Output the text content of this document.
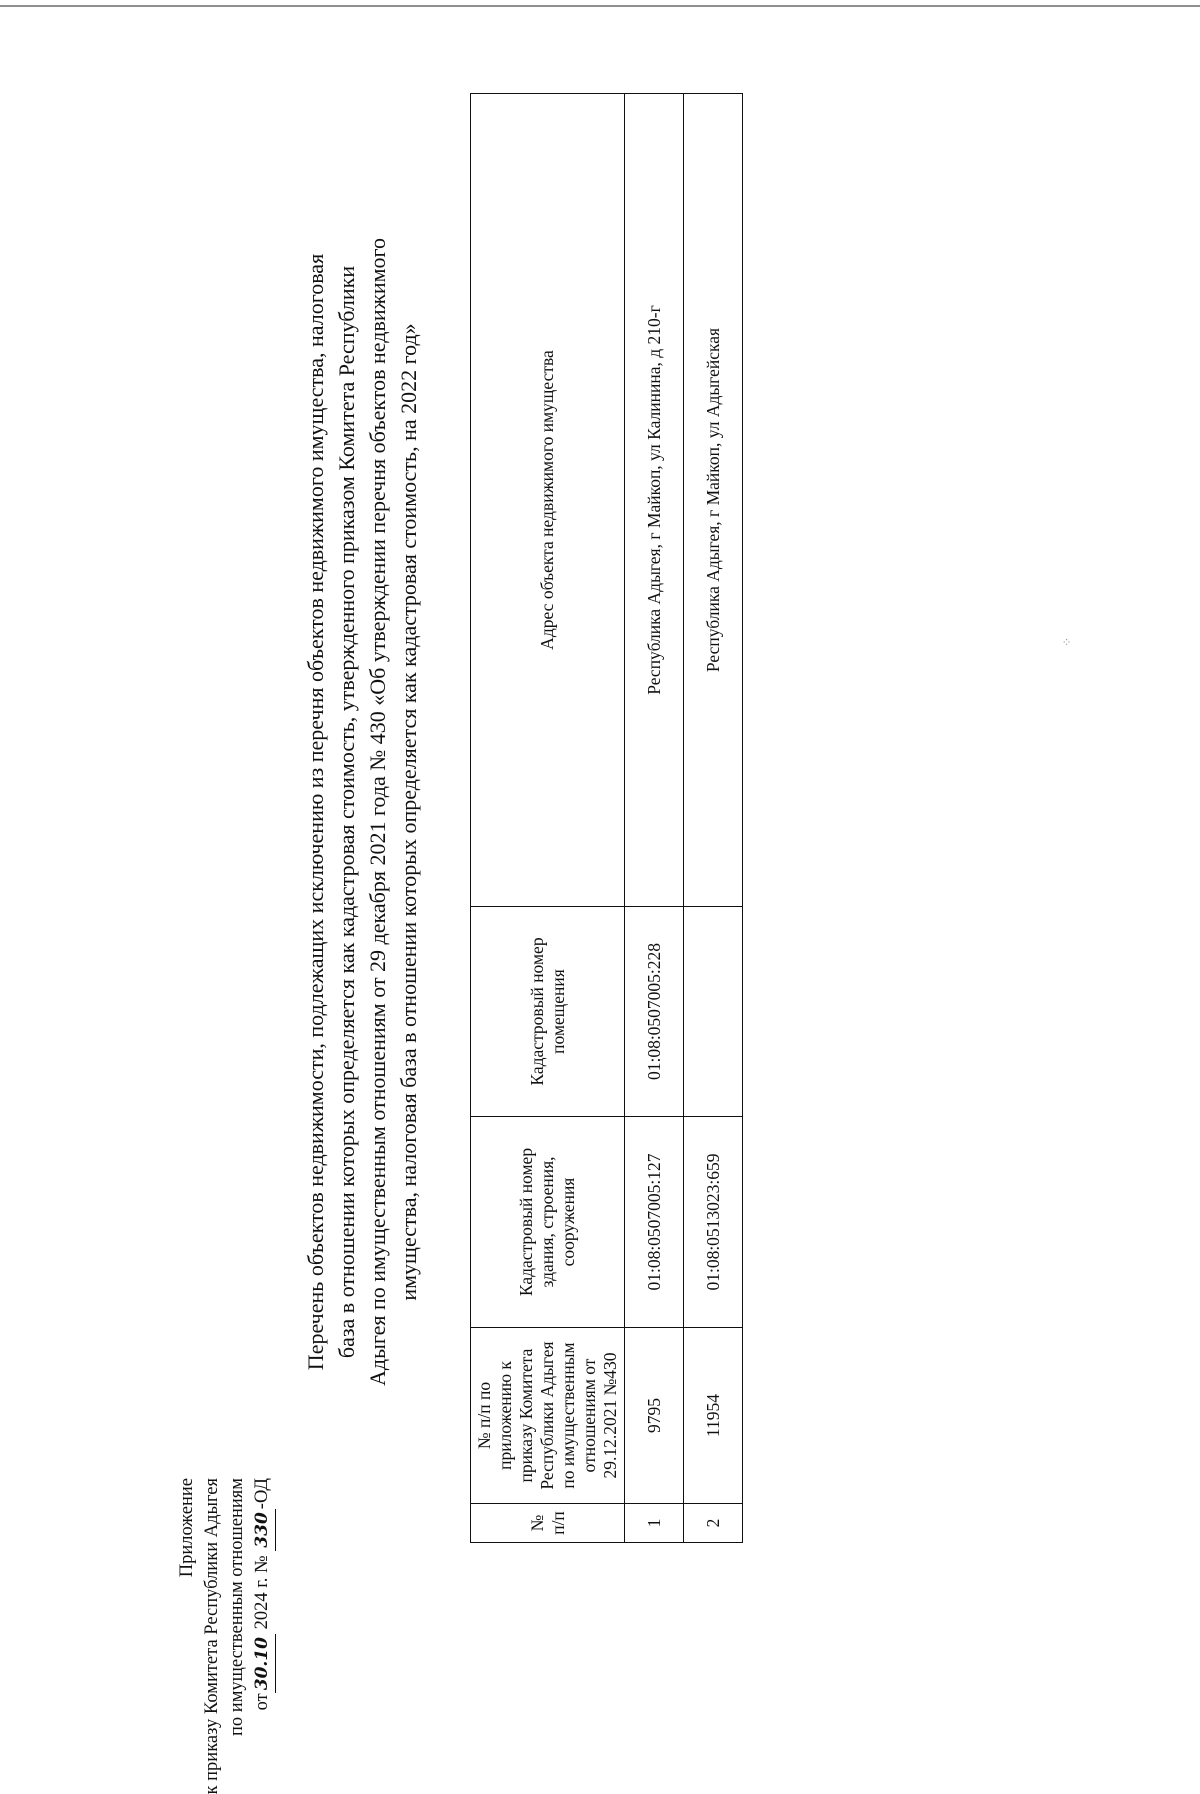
Приложение к приказу Комитета Республики Адыгея по имущественным отношениям от30.10 2024 г. № 330-ОД
Перечень объектов недвижимости, подлежащих исключению из перечня объектов недвижимого имущества, налоговая база в отношении которых определяется как кадастровая стоимость, утвержденного приказом Комитета Республики Адыгея по имущественным отношениям от 29 декабря 2021 года № 430 «Об утверждении перечня объектов недвижимого имущества, налоговая база в отношении которых определяется как кадастровая стоимость, на 2022 год»
№ п/п	№ п/п по приложению к приказу Комитета Республики Адыгея по имущественным отношениям от 29.12.2021 №430	Кадастровый номер здания, строения, сооружения	Кадастровый номер помещения	Адрес объекта недвижимого имущества
1	9795	01:08:0507005:127	01:08:0507005:228	Республика Адыгея, г Майкоп, ул Калинина, д 210-г
2	11954	01:08:0513023:659		Республика Адыгея, г Майкоп, ул Адыгейская	⁘
